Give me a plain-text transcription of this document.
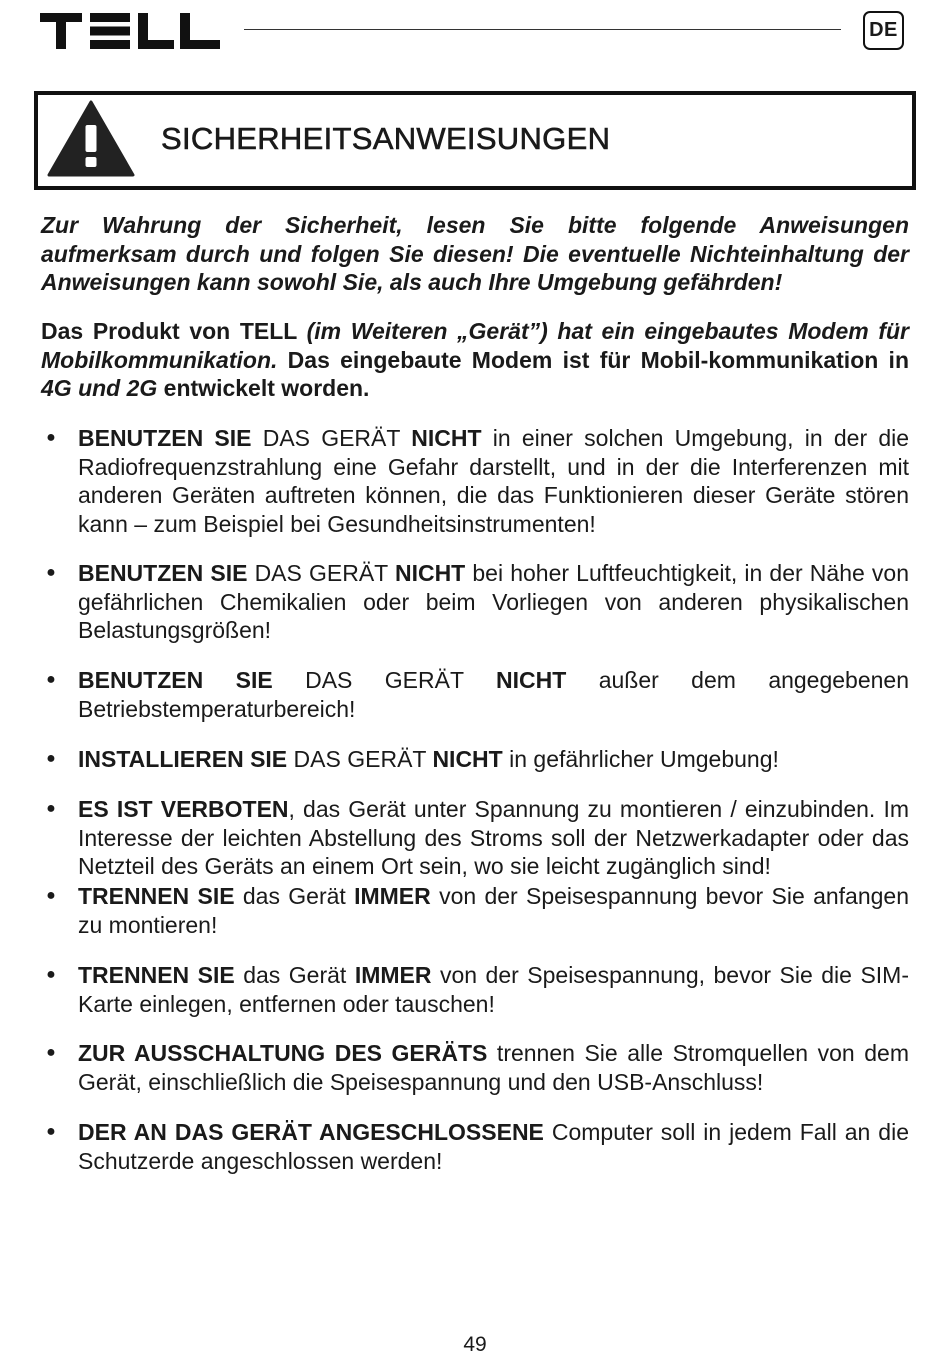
DE
SICHERHEITSANWEISUNGEN

Zur Wahrung der Sicherheit, lesen Sie bitte folgende Anweisungen aufmerksam durch und folgen Sie diesen! Die eventuelle Nichteinhaltung der Anweisungen kann sowohl Sie, als auch Ihre Umgebung gefährden!

Das Produkt von TELL (im Weiteren „Gerät”) hat ein eingebautes Modem für Mobilkommunikation. Das eingebaute Modem ist für Mobil-kommunikation in 4G und 2G entwickelt worden.

● BENUTZEN SIE DAS GERÄT NICHT in einer solchen Umgebung, in der die Radiofrequenzstrahlung eine Gefahr darstellt, und in der die Interferenzen mit anderen Geräten auftreten können, die das Funktionieren dieser Geräte stören kann – zum Beispiel bei Gesundheitsinstrumenten!
● BENUTZEN SIE DAS GERÄT NICHT bei hoher Luftfeuchtigkeit, in der Nähe von gefährlichen Chemikalien oder beim Vorliegen von anderen physikalischen Belastungsgrößen!
● BENUTZEN SIE DAS GERÄT NICHT außer dem angegebenen Betriebstemperaturbereich!
● INSTALLIEREN SIE DAS GERÄT NICHT in gefährlicher Umgebung!
● ES IST VERBOTEN, das Gerät unter Spannung zu montieren / einzubinden. Im Interesse der leichten Abstellung des Stroms soll der Netzwerkadapter oder das Netzteil des Geräts an einem Ort sein, wo sie leicht zugänglich sind!
● TRENNEN SIE das Gerät IMMER von der Speisespannung bevor Sie anfangen zu montieren!
● TRENNEN SIE das Gerät IMMER von der Speisespannung, bevor Sie die SIM-Karte einlegen, entfernen oder tauschen!
● ZUR AUSSCHALTUNG DES GERÄTS trennen Sie alle Stromquellen von dem Gerät, einschließlich die Speisespannung und den USB-Anschluss!
● DER AN DAS GERÄT ANGESCHLOSSENE Computer soll in jedem Fall an die Schutzerde angeschlossen werden!
49
